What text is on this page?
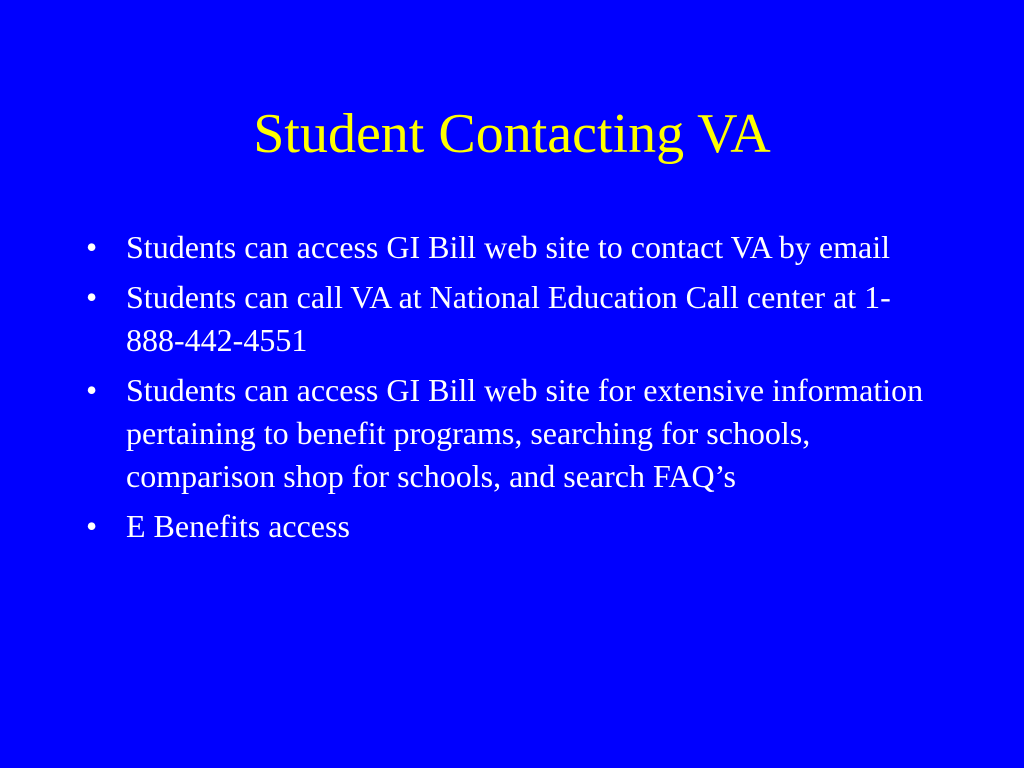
Student Contacting VA
• Students can access GI Bill web site to contact VA by email
• Students can call VA at National Education Call center at 1-888-442-4551
• Students can access GI Bill web site for extensive information pertaining to benefit programs, searching for schools, comparison shop for schools, and search FAQ’s
• E Benefits access
